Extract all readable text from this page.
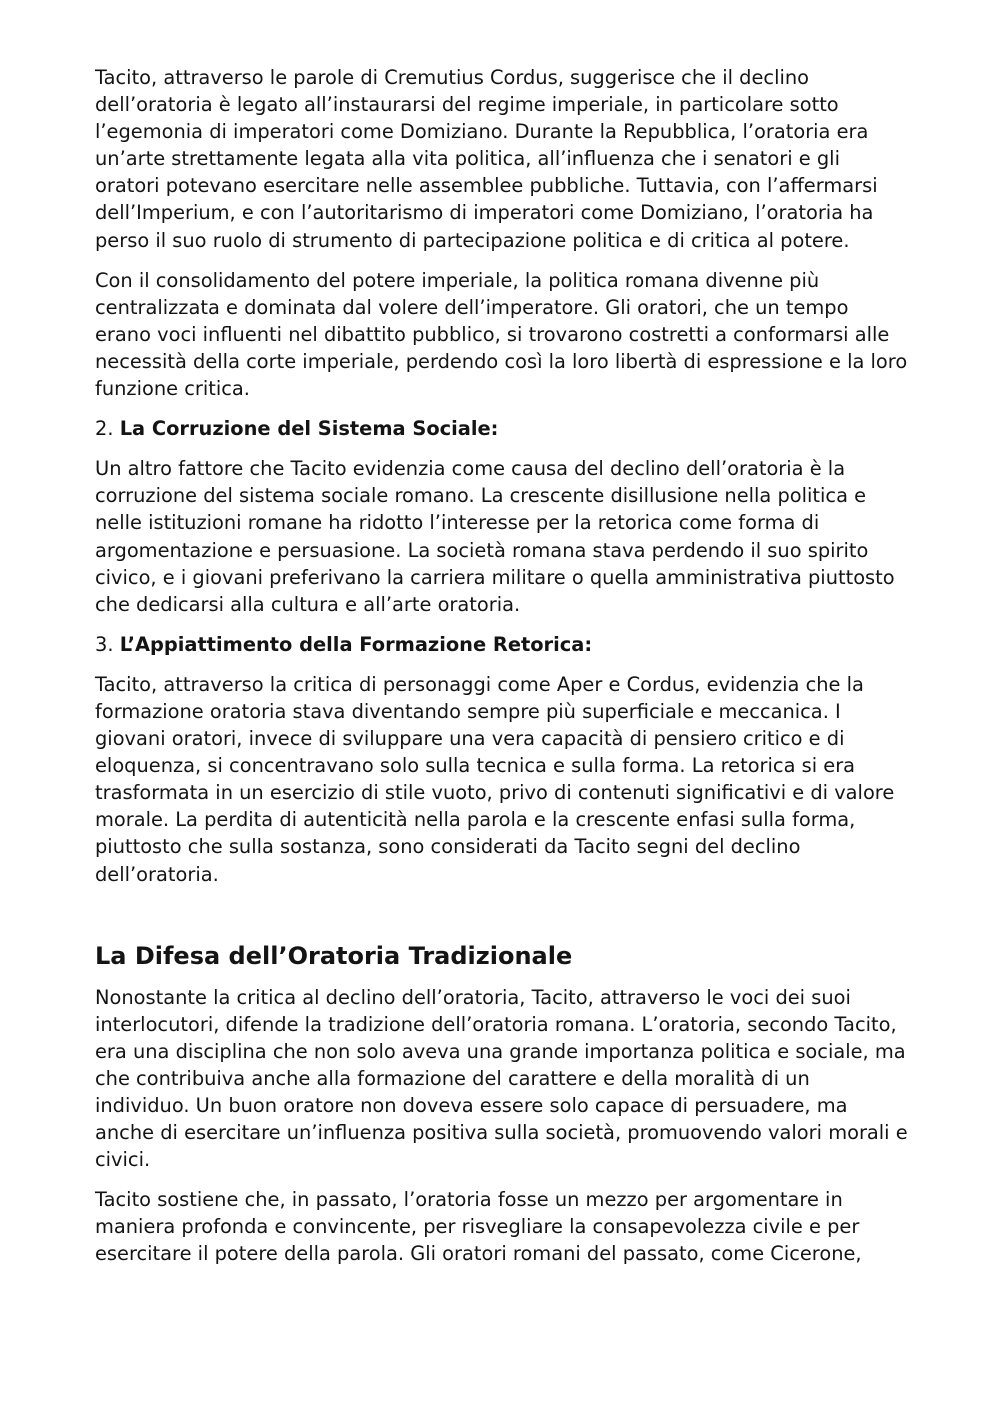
Tacito, attraverso le parole di Cremutius Cordus, suggerisce che il declino dell’oratoria è legato all’instaurarsi del regime imperiale, in particolare sotto l’egemonia di imperatori come Domiziano. Durante la Repubblica, l’oratoria era un’arte strettamente legata alla vita politica, all’influenza che i senatori e gli oratori potevano esercitare nelle assemblee pubbliche. Tuttavia, con l’affermarsi dell’Imperium, e con l’autoritarismo di imperatori come Domiziano, l’oratoria ha perso il suo ruolo di strumento di partecipazione politica e di critica al potere.

Con il consolidamento del potere imperiale, la politica romana divenne più centralizzata e dominata dal volere dell’imperatore. Gli oratori, che un tempo erano voci influenti nel dibattito pubblico, si trovarono costretti a conformarsi alle necessità della corte imperiale, perdendo così la loro libertà di espressione e la loro funzione critica.

2. La Corruzione del Sistema Sociale:

Un altro fattore che Tacito evidenzia come causa del declino dell’oratoria è la corruzione del sistema sociale romano. La crescente disillusione nella politica e nelle istituzioni romane ha ridotto l’interesse per la retorica come forma di argomentazione e persuasione. La società romana stava perdendo il suo spirito civico, e i giovani preferivano la carriera militare o quella amministrativa piuttosto che dedicarsi alla cultura e all’arte oratoria.

3. L’Appiattimento della Formazione Retorica:

Tacito, attraverso la critica di personaggi come Aper e Cordus, evidenzia che la formazione oratoria stava diventando sempre più superficiale e meccanica. I giovani oratori, invece di sviluppare una vera capacità di pensiero critico e di eloquenza, si concentravano solo sulla tecnica e sulla forma. La retorica si era trasformata in un esercizio di stile vuoto, privo di contenuti significativi e di valore morale. La perdita di autenticità nella parola e la crescente enfasi sulla forma, piuttosto che sulla sostanza, sono considerati da Tacito segni del declino dell’oratoria.

La Difesa dell’Oratoria Tradizionale

Nonostante la critica al declino dell’oratoria, Tacito, attraverso le voci dei suoi interlocutori, difende la tradizione dell’oratoria romana. L’oratoria, secondo Tacito, era una disciplina che non solo aveva una grande importanza politica e sociale, ma che contribuiva anche alla formazione del carattere e della moralità di un individuo. Un buon oratore non doveva essere solo capace di persuadere, ma anche di esercitare un’influenza positiva sulla società, promuovendo valori morali e civici.

Tacito sostiene che, in passato, l’oratoria fosse un mezzo per argomentare in maniera profonda e convincente, per risvegliare la consapevolezza civile e per esercitare il potere della parola. Gli oratori romani del passato, come Cicerone,
